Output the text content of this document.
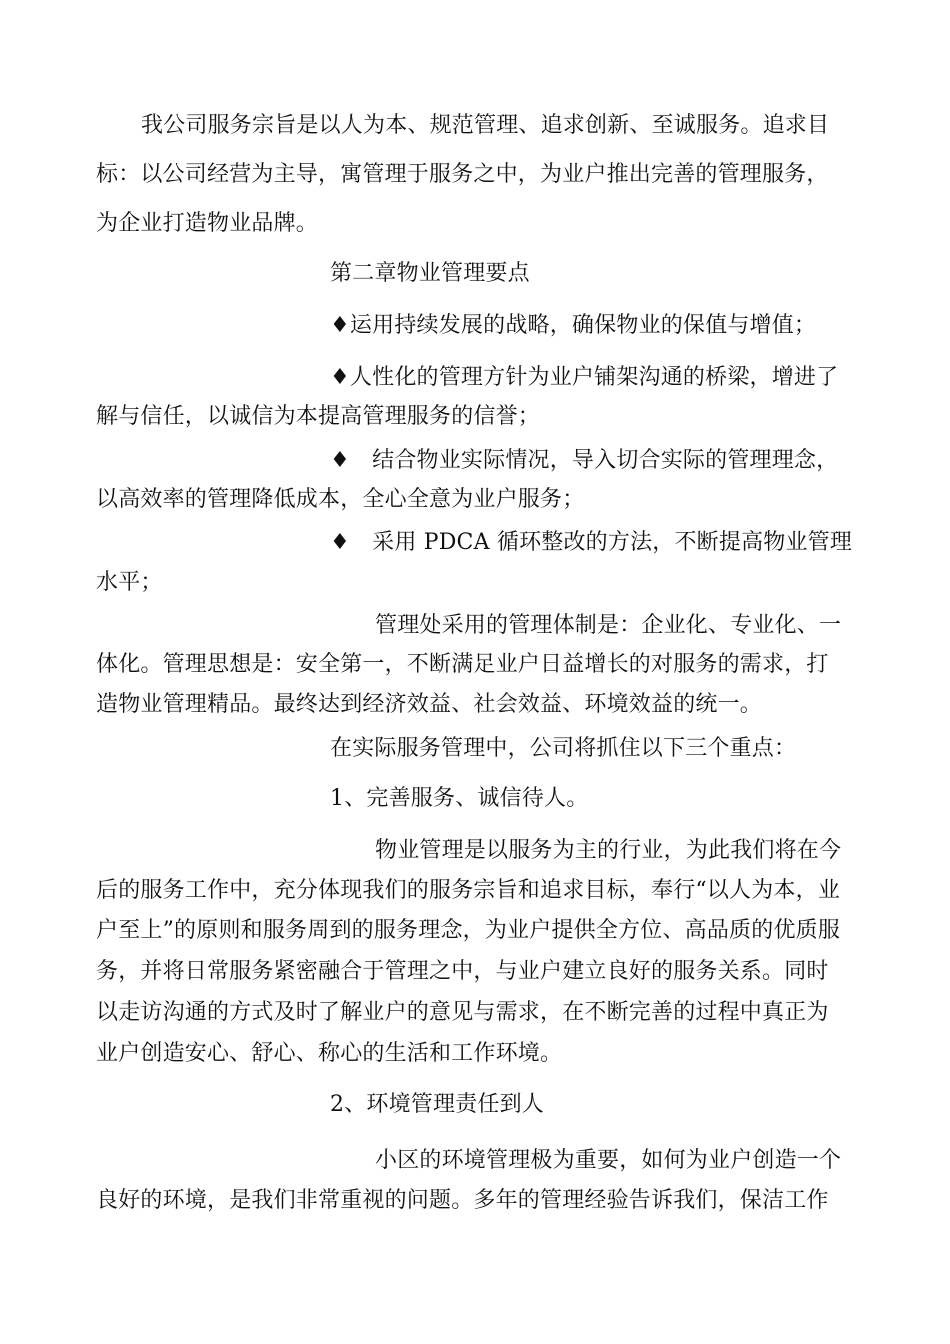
我公司服务宗旨是以人为本、规范管理、追求创新、至诚服务。追求目
标：以公司经营为主导，寓管理于服务之中，为业户推出完善的管理服务，
为企业打造物业品牌。
第二章物业管理要点
♦运用持续发展的战略，确保物业的保值与增值；
♦人性化的管理方针为业户铺架沟通的桥梁，增进了
解与信任，以诚信为本提高管理服务的信誉；
♦　结合物业实际情况，导入切合实际的管理理念，
以高效率的管理降低成本，全心全意为业户服务；
♦　采用 PDCA 循环整改的方法，不断提高物业管理
水平；
管理处采用的管理体制是：企业化、专业化、一
体化。管理思想是：安全第一，不断满足业户日益增长的对服务的需求，打
造物业管理精品。最终达到经济效益、社会效益、环境效益的统一。
在实际服务管理中，公司将抓住以下三个重点：
1、完善服务、诚信待人。
物业管理是以服务为主的行业，为此我们将在今
后的服务工作中，充分体现我们的服务宗旨和追求目标，奉行“以人为本，业
户至上”的原则和服务周到的服务理念，为业户提供全方位、高品质的优质服
务，并将日常服务紧密融合于管理之中，与业户建立良好的服务关系。同时
以走访沟通的方式及时了解业户的意见与需求，在不断完善的过程中真正为
业户创造安心、舒心、称心的生活和工作环境。
2、环境管理责任到人
小区的环境管理极为重要，如何为业户创造一个
良好的环境，是我们非常重视的问题。多年的管理经验告诉我们，保洁工作
